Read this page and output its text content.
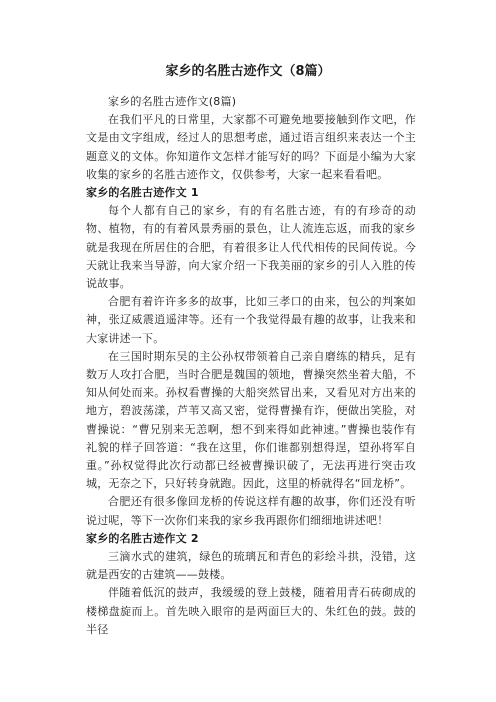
家乡的名胜古迹作文（8篇）

家乡的名胜古迹作文(8篇)

在我们平凡的日常里，大家都不可避免地要接触到作文吧，作文是由文字组成，经过人的思想考虑，通过语言组织来表达一个主题意义的文体。你知道作文怎样才能写好的吗？下面是小编为大家收集的家乡的名胜古迹作文，仅供参考，大家一起来看看吧。

家乡的名胜古迹作文 1

每个人都有自己的家乡，有的有名胜古迹，有的有珍奇的动物、植物，有的有着风景秀丽的景色，让人流连忘返，而我的家乡就是我现在所居住的合肥，有着很多让人代代相传的民间传说。今天就让我来当导游，向大家介绍一下我美丽的家乡的引人入胜的传说故事。

合肥有着许许多多的故事，比如三孝口的由来，包公的判案如神，张辽威震逍遥津等。还有一个我觉得最有趣的故事，让我来和大家讲述一下。

在三国时期东吴的主公孙权带领着自己亲自磨练的精兵，足有数万人攻打合肥，当时合肥是魏国的领地，曹操突然坐着大船，不知从何处而来。孙权看曹操的大船突然冒出来，又看见对方出来的地方，碧波荡漾，芦苇又高又密，觉得曹操有诈，便做出笑脸，对曹操说：“曹兄别来无恙啊，想不到来得如此神速。”曹操也装作有礼貌的样子回答道：“我在这里，你们谁都别想得逞，望孙将军自重。”孙权觉得此次行动都已经被曹操识破了，无法再进行突击攻城，无奈之下，只好转身就跑。因此，这里的桥就得名“回龙桥”。

合肥还有很多像回龙桥的传说这样有趣的故事，你们还没有听说过呢，等下一次你们来我的家乡我再跟你们细细地讲述吧！

家乡的名胜古迹作文 2

三滴水式的建筑，绿色的琉璃瓦和青色的彩绘斗拱，没错，这就是西安的古建筑——鼓楼。

伴随着低沉的鼓声，我缓缓的登上鼓楼，随着用青石砖砌成的楼梯盘旋而上。首先映入眼帘的是两面巨大的、朱红色的鼓。鼓的半径
